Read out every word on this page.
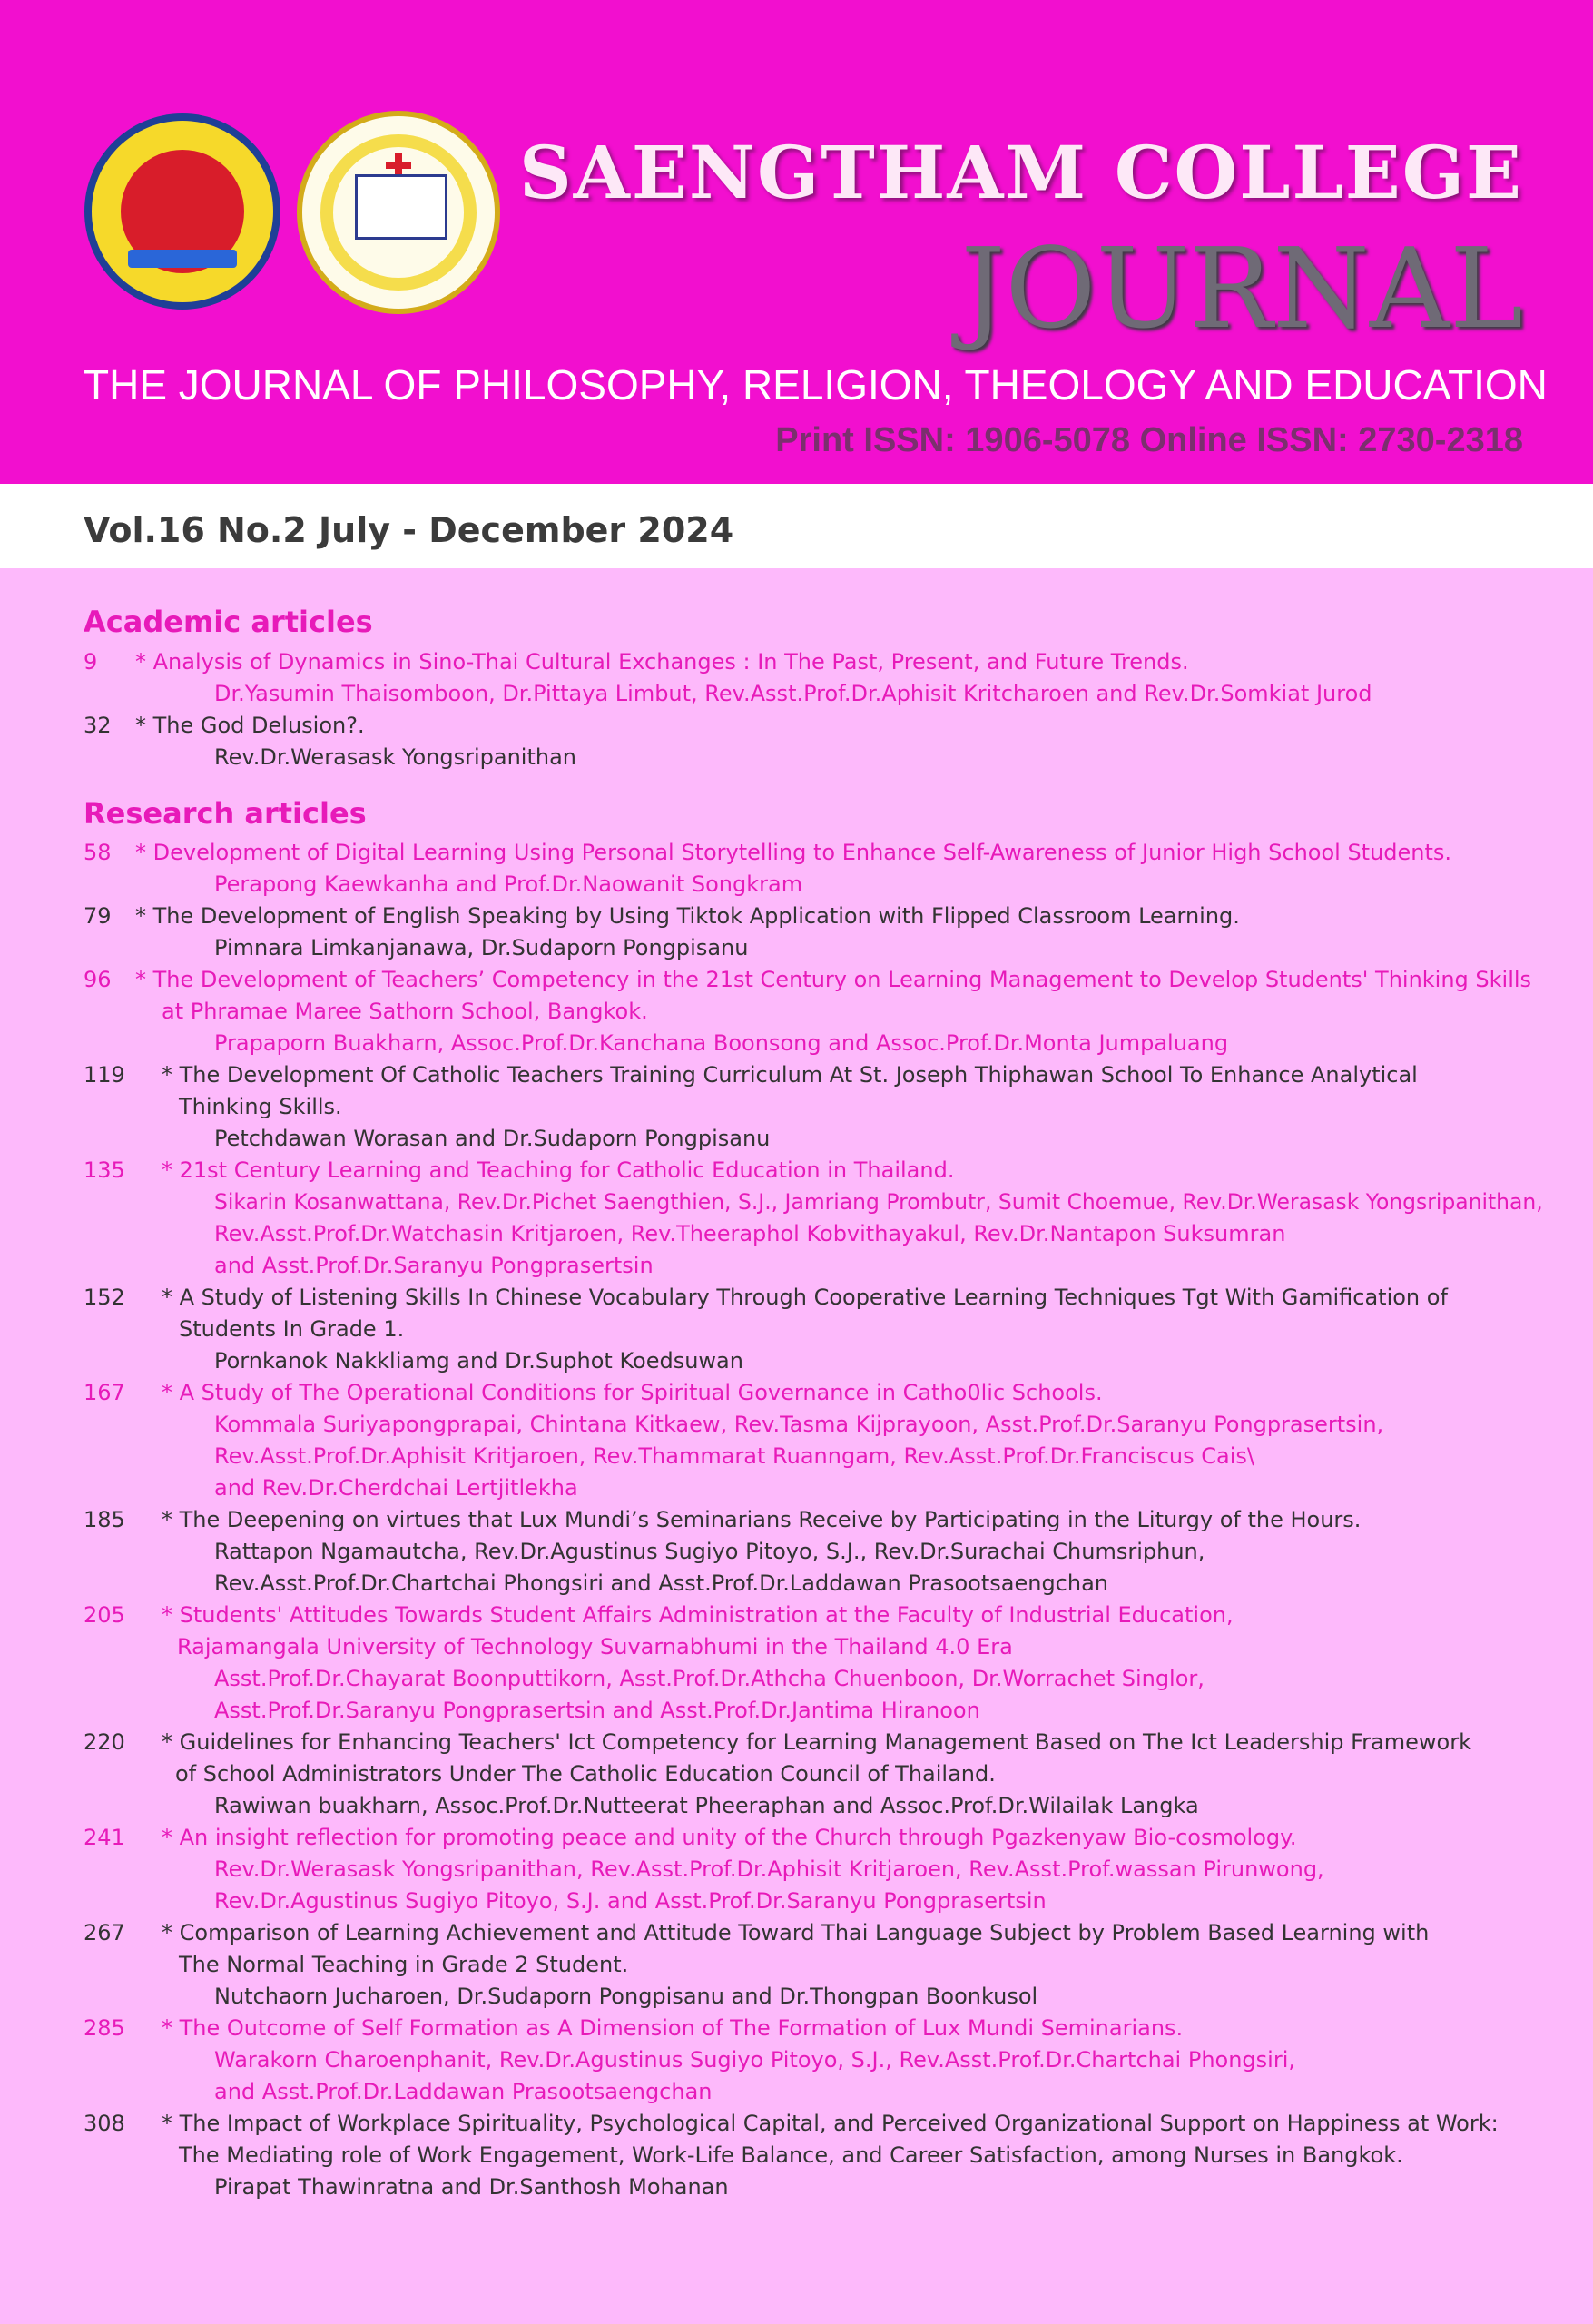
SAENGTHAM COLLEGE
JOURNAL
THE JOURNAL OF PHILOSOPHY, RELIGION, THEOLOGY AND EDUCATION
Print ISSN: 1906-5078 Online ISSN: 2730-2318
Vol.16 No.2 July - December 2024
Academic articles
9 * Analysis of Dynamics in Sino-Thai Cultural Exchanges : In The Past, Present, and Future Trends.
Dr.Yasumin Thaisomboon, Dr.Pittaya Limbut, Rev.Asst.Prof.Dr.Aphisit Kritcharoen and Rev.Dr.Somkiat Jurod
32 * The God Delusion?.
Rev.Dr.Werasask Yongsripanithan
Research articles
58 * Development of Digital Learning Using Personal Storytelling to Enhance Self-Awareness of Junior High School Students.
Perapong Kaewkanha and Prof.Dr.Naowanit Songkram
79 * The Development of English Speaking by Using Tiktok Application with Flipped Classroom Learning.
Pimnara Limkanjanawa, Dr.Sudaporn Pongpisanu
96 * The Development of Teachers’ Competency in the 21st Century on Learning Management to Develop Students' Thinking Skills
at Phramae Maree Sathorn School, Bangkok.
Prapaporn Buakharn, Assoc.Prof.Dr.Kanchana Boonsong and Assoc.Prof.Dr.Monta Jumpaluang
119 * The Development Of Catholic Teachers Training Curriculum At St. Joseph Thiphawan School To Enhance Analytical
Thinking Skills.
Petchdawan Worasan and Dr.Sudaporn Pongpisanu
135 * 21st Century Learning and Teaching for Catholic Education in Thailand.
Sikarin Kosanwattana, Rev.Dr.Pichet Saengthien, S.J., Jamriang Prombutr, Sumit Choemue, Rev.Dr.Werasask Yongsripanithan,
Rev.Asst.Prof.Dr.Watchasin Kritjaroen, Rev.Theeraphol Kobvithayakul, Rev.Dr.Nantapon Suksumran
and Asst.Prof.Dr.Saranyu Pongprasertsin
152 * A Study of Listening Skills In Chinese Vocabulary Through Cooperative Learning Techniques Tgt With Gamification of
Students In Grade 1.
Pornkanok Nakkliamg and Dr.Suphot Koedsuwan
167 * A Study of The Operational Conditions for Spiritual Governance in Catho0lic Schools.
Kommala Suriyapongprapai, Chintana Kitkaew, Rev.Tasma Kijprayoon, Asst.Prof.Dr.Saranyu Pongprasertsin,
Rev.Asst.Prof.Dr.Aphisit Kritjaroen, Rev.Thammarat Ruanngam, Rev.Asst.Prof.Dr.Franciscus Cais\
and Rev.Dr.Cherdchai Lertjitlekha
185 * The Deepening on virtues that Lux Mundi’s Seminarians Receive by Participating in the Liturgy of the Hours.
Rattapon Ngamautcha, Rev.Dr.Agustinus Sugiyo Pitoyo, S.J., Rev.Dr.Surachai Chumsriphun,
Rev.Asst.Prof.Dr.Chartchai Phongsiri and Asst.Prof.Dr.Laddawan Prasootsaengchan
205 * Students' Attitudes Towards Student Affairs Administration at the Faculty of Industrial Education,
Rajamangala University of Technology Suvarnabhumi in the Thailand 4.0 Era
Asst.Prof.Dr.Chayarat Boonputtikorn, Asst.Prof.Dr.Athcha Chuenboon, Dr.Worrachet Singlor,
Asst.Prof.Dr.Saranyu Pongprasertsin and Asst.Prof.Dr.Jantima Hiranoon
220 * Guidelines for Enhancing Teachers' Ict Competency for Learning Management Based on The Ict Leadership Framework
of School Administrators Under The Catholic Education Council of Thailand.
Rawiwan buakharn, Assoc.Prof.Dr.Nutteerat Pheeraphan and Assoc.Prof.Dr.Wilailak Langka
241 * An insight reflection for promoting peace and unity of the Church through Pgazkenyaw Bio-cosmology.
Rev.Dr.Werasask Yongsripanithan, Rev.Asst.Prof.Dr.Aphisit Kritjaroen, Rev.Asst.Prof.wassan Pirunwong,
Rev.Dr.Agustinus Sugiyo Pitoyo, S.J. and Asst.Prof.Dr.Saranyu Pongprasertsin
267 * Comparison of Learning Achievement and Attitude Toward Thai Language Subject by Problem Based Learning with
The Normal Teaching in Grade 2 Student.
Nutchaorn Jucharoen, Dr.Sudaporn Pongpisanu and Dr.Thongpan Boonkusol
285 * The Outcome of Self Formation as A Dimension of The Formation of Lux Mundi Seminarians.
Warakorn Charoenphanit, Rev.Dr.Agustinus Sugiyo Pitoyo, S.J., Rev.Asst.Prof.Dr.Chartchai Phongsiri,
and Asst.Prof.Dr.Laddawan Prasootsaengchan
308 * The Impact of Workplace Spirituality, Psychological Capital, and Perceived Organizational Support on Happiness at Work:
The Mediating role of Work Engagement, Work-Life Balance, and Career Satisfaction, among Nurses in Bangkok.
Pirapat Thawinratna and Dr.Santhosh Mohanan
